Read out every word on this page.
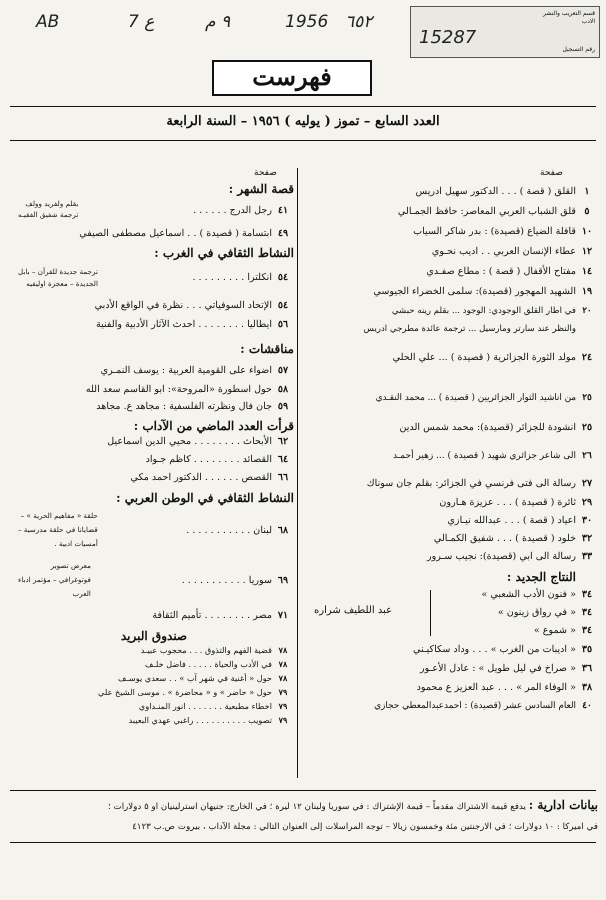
AB	7 ع	٩ م	1956 ٦٥٢	قسم التعريب والنشر
الادب
رقم التسجيل
15287
فهرست
العدد السابع – تموز ( يوليه ) ١٩٥٦ – السنة الرابعة
صفحة
صفحة
١القلق ( قصة ) . . . الدكتور سهيل ادريس
٥قلق الشباب العربي المعاصر: حافظ الجمـالي
١٠قافلة الضياع (قصيدة) : بدر شاكر السياب
١٢عطاء الإنسان العربي . . اديب نحـوي
١٤مفتاح الأقفال ( قصة ) : مطاع صفـدي
١٩الشهيد المهجور (قصيدة): سلمى الخضراء الجيوسي
٢٠في اطار القلق الوجودي: الوجود ... بقلم رينه حبشي
والنظر عند سارتر ومارسيل ... ترجمة عائدة مطرجي ادريس
٢٤مولد الثورة الجزائرية ( قصيدة ) ... علي الحلي
٢٥من اناشيد الثوار الجزائريين ( قصيدة ) ... محمد النقـدي
٢٥انشودة للجزائر (قصيدة): محمد شمس الدين
٢٦الى شاعر جزائري شهيد ( قصيدة ) ... زهير أحمـد
٢٧رسالة الى فتى فرنسي في الجزائر: بقلم جان سوناك
٢٩ثائرة ( قصيدة ) . . . عزيزة هـارون
٣٠اعياد ( قصة ) . . . عبدالله نيـازي
٣٢خلود ( قصيدة ) . . . شفيق الكمـالي
٣٣رسالة الى ابي (قصيدة): نجيب سـرور
النتاج الجديد :
٣٤« فنون الأدب الشعبي »
٣٤« في رواق زينون »
٣٤« شموع »
عبد اللطيف شراره
٣٥« اديبات من الغرب » . . . وداد سكاكيـني
٣٦« صراخ في ليل طويل » : عادل الأعـور
٣٨« الوفاء المر » . . . عبد العزيز ع محمود
٤٠العام السادس عشر (قصيدة) : احمدعبدالمعطي حجازي
قصة الشهر :
٤١رجل الدرج . . . . . .
بقلم ولفريد وولف
ترجمة شفيق الفقيـه
٤٩ابتسامة ( قصيدة ) . . اسماعيل مصطفى الصيفي
النشاط الثقافي في الغرب :
٥٤انكلترا . . . . . . . . .
ترجمة جديدة للقرآن – بابل
الجديدة – معجزة اوليفيه
٥٤الإتحاد السوفياتي . . . نظرة في الواقع الأدبي
٥٦ايطاليا . . . . . . . . احدث الآثار الأدبية والفنية
مناقشات :
٥٧اضواء على القومية العربية : يوسف النمـري
٥٨حول اسطورة «المروحة»: ابو القاسم سعد الله
٥٩جان فال ونظرته الفلسفية : مجاهد ع. مجاهد
قرأت العدد الماضي من الآداب :
٦٢الأبحاث . . . . . . . . محيي الدين اسماعيل
٦٤القصائد . . . . . . . . كاظم جـواد
٦٦القصص . . . . . . الدكتور احمد مكي
النشاط الثقافي في الوطن العربي :
٦٨لبنان . . . . . . . . . . .
حلقة « مفاهيم الحرية » –
قضايانا في حلقة مدرسية –
أمسيات ادبية .
٦٩سوريا . . . . . . . . . . .
معرض تصوير
فوتوغرافي – مؤتمر ادباء
العرب
٧١مصر . . . . . . . . تأميم الثقافة
صندوق البريد
٧٨قضية الفهم والتذوق . . . محجوب عبيـد
٧٨في الأدب والحياة . . . . . فاضل خلـف
٧٨حول « أغنية في شهر آب » . . سعدي يوسـف
٧٩حول « حاضر » و « محاضرة » . موسى الشيخ علي
٧٩اخطاء مطبعية . . . . . . . انور المنـداوي
٧٩تصويب . . . . . . . . . . راغبي عهدي البعيبد
بيانات ادارية : يدفع قيمة الاشتراك مقدماً – قيمة الإشتراك : في سوريا ولبنان ١٢ ليرة ؛ في الخارج: جنيهان استرلينيان او ٥ دولارات ؛
في اميركا : ١٠ دولارات ؛ في الارجنتين مئة وخمسون زيالا – توجه المراسلات إلى العنوان التالي : مجلة الآداب ، بيروت ص.ب ٤١٢٣
